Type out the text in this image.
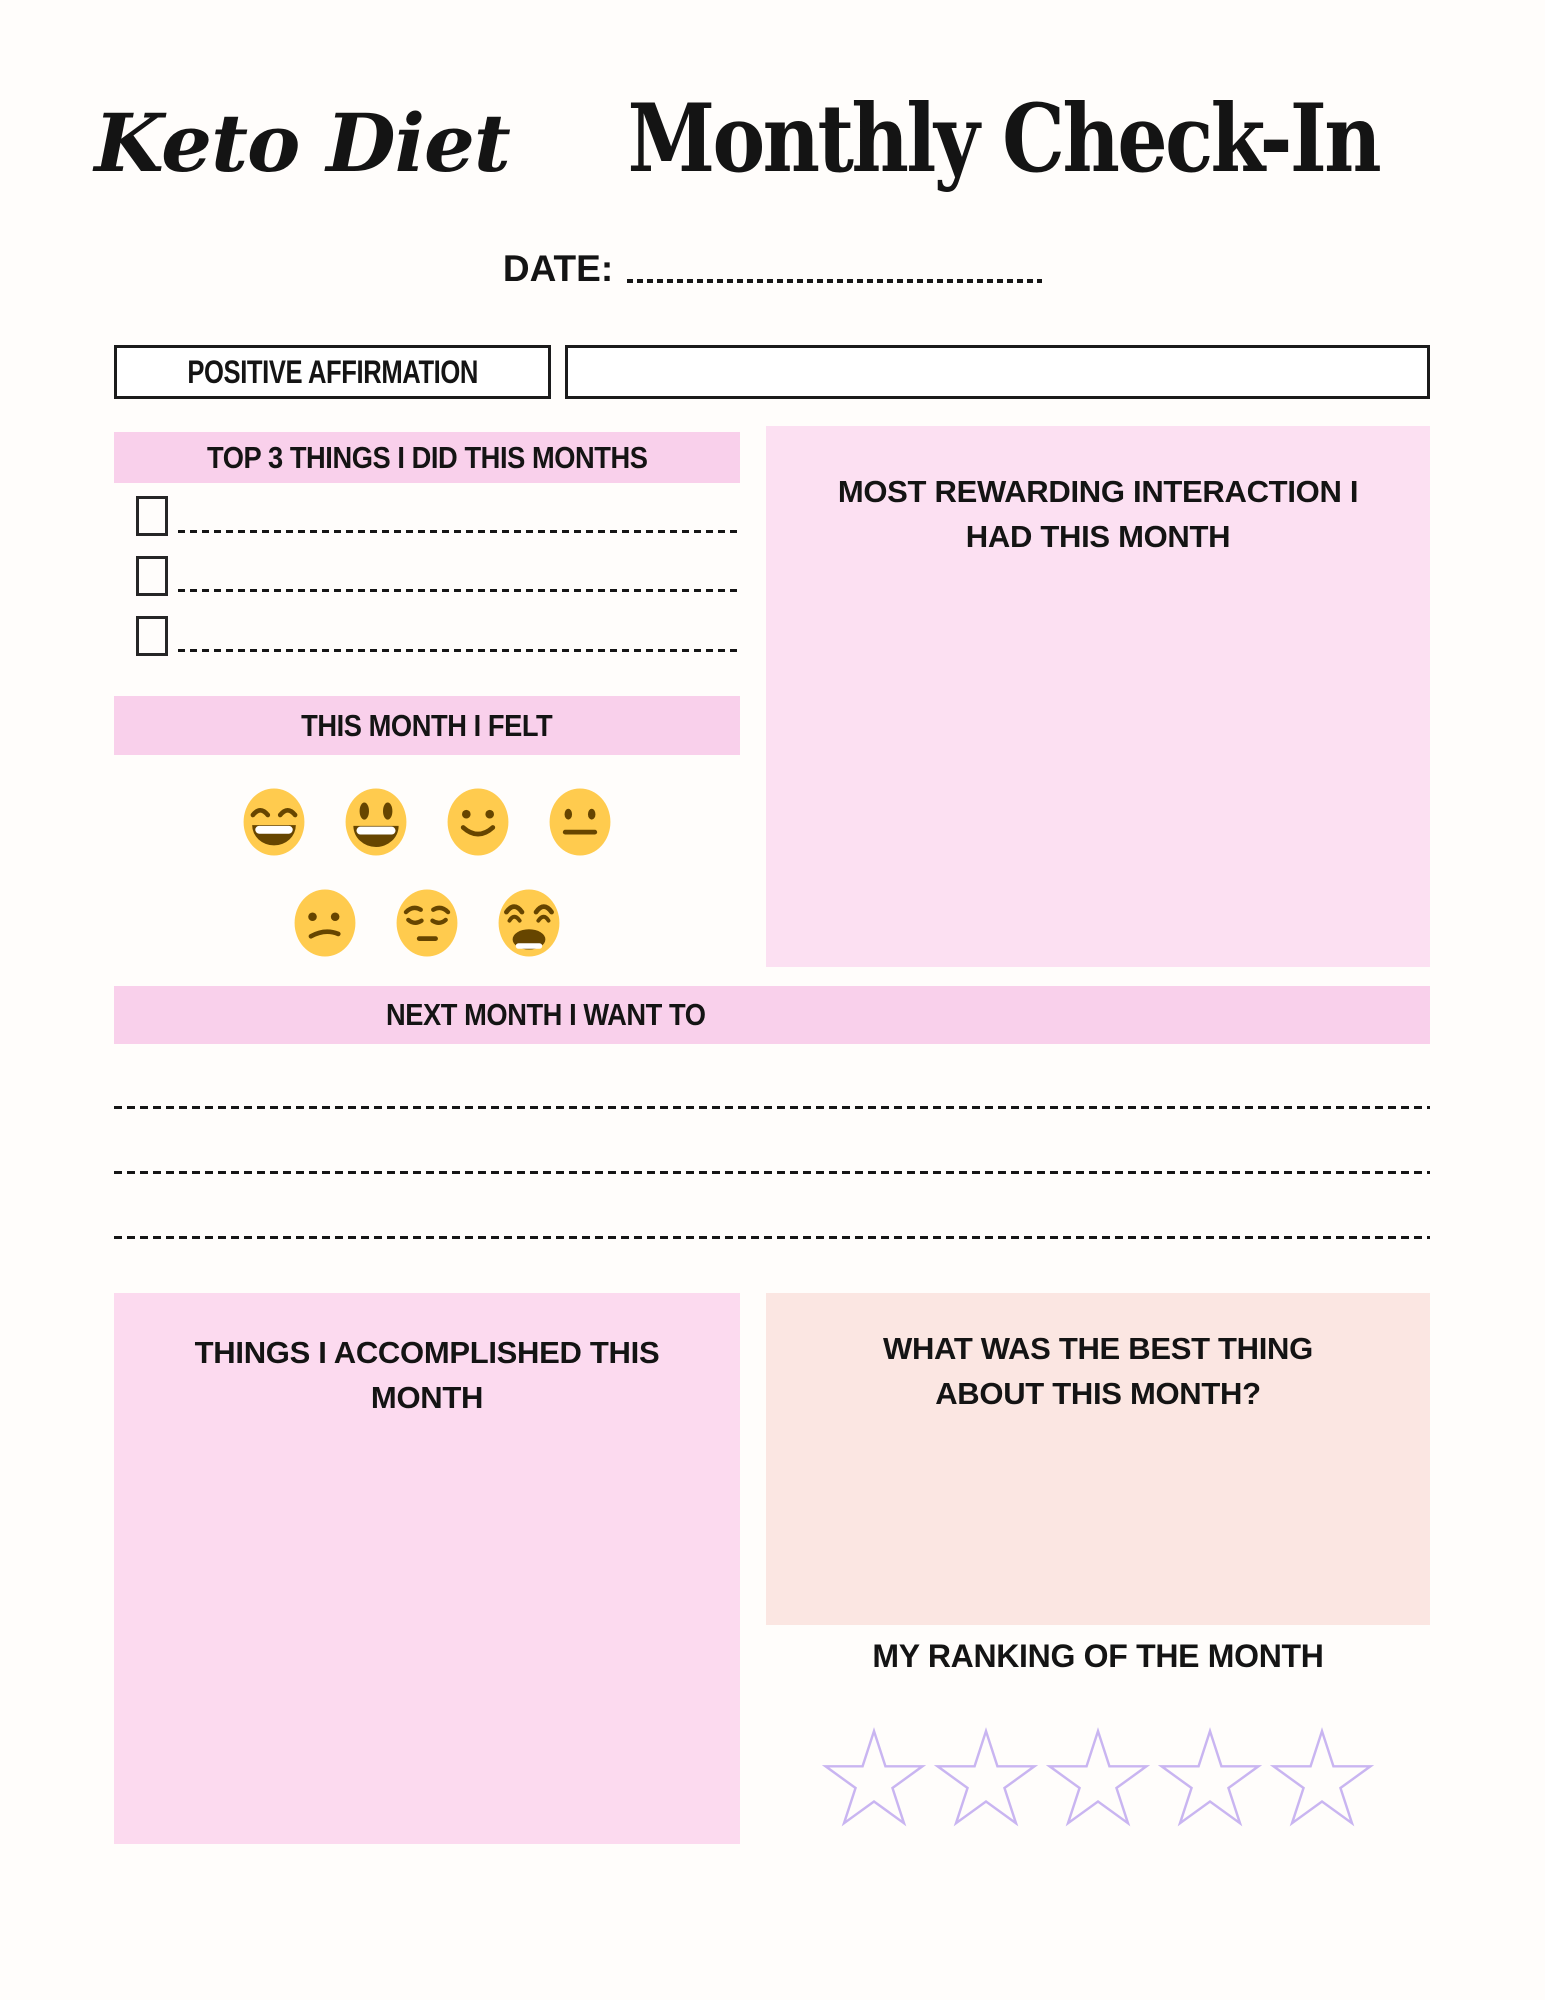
Keto Diet Monthly Check-In
DATE:
POSITIVE AFFIRMATION
TOP 3 THINGS I DID THIS MONTHS
THIS MONTH I FELT
MOST REWARDING INTERACTION I HAD THIS MONTH
NEXT MONTH I WANT TO
THINGS I ACCOMPLISHED THIS MONTH
WHAT WAS THE BEST THING ABOUT THIS MONTH?
MY RANKING OF THE MONTH
